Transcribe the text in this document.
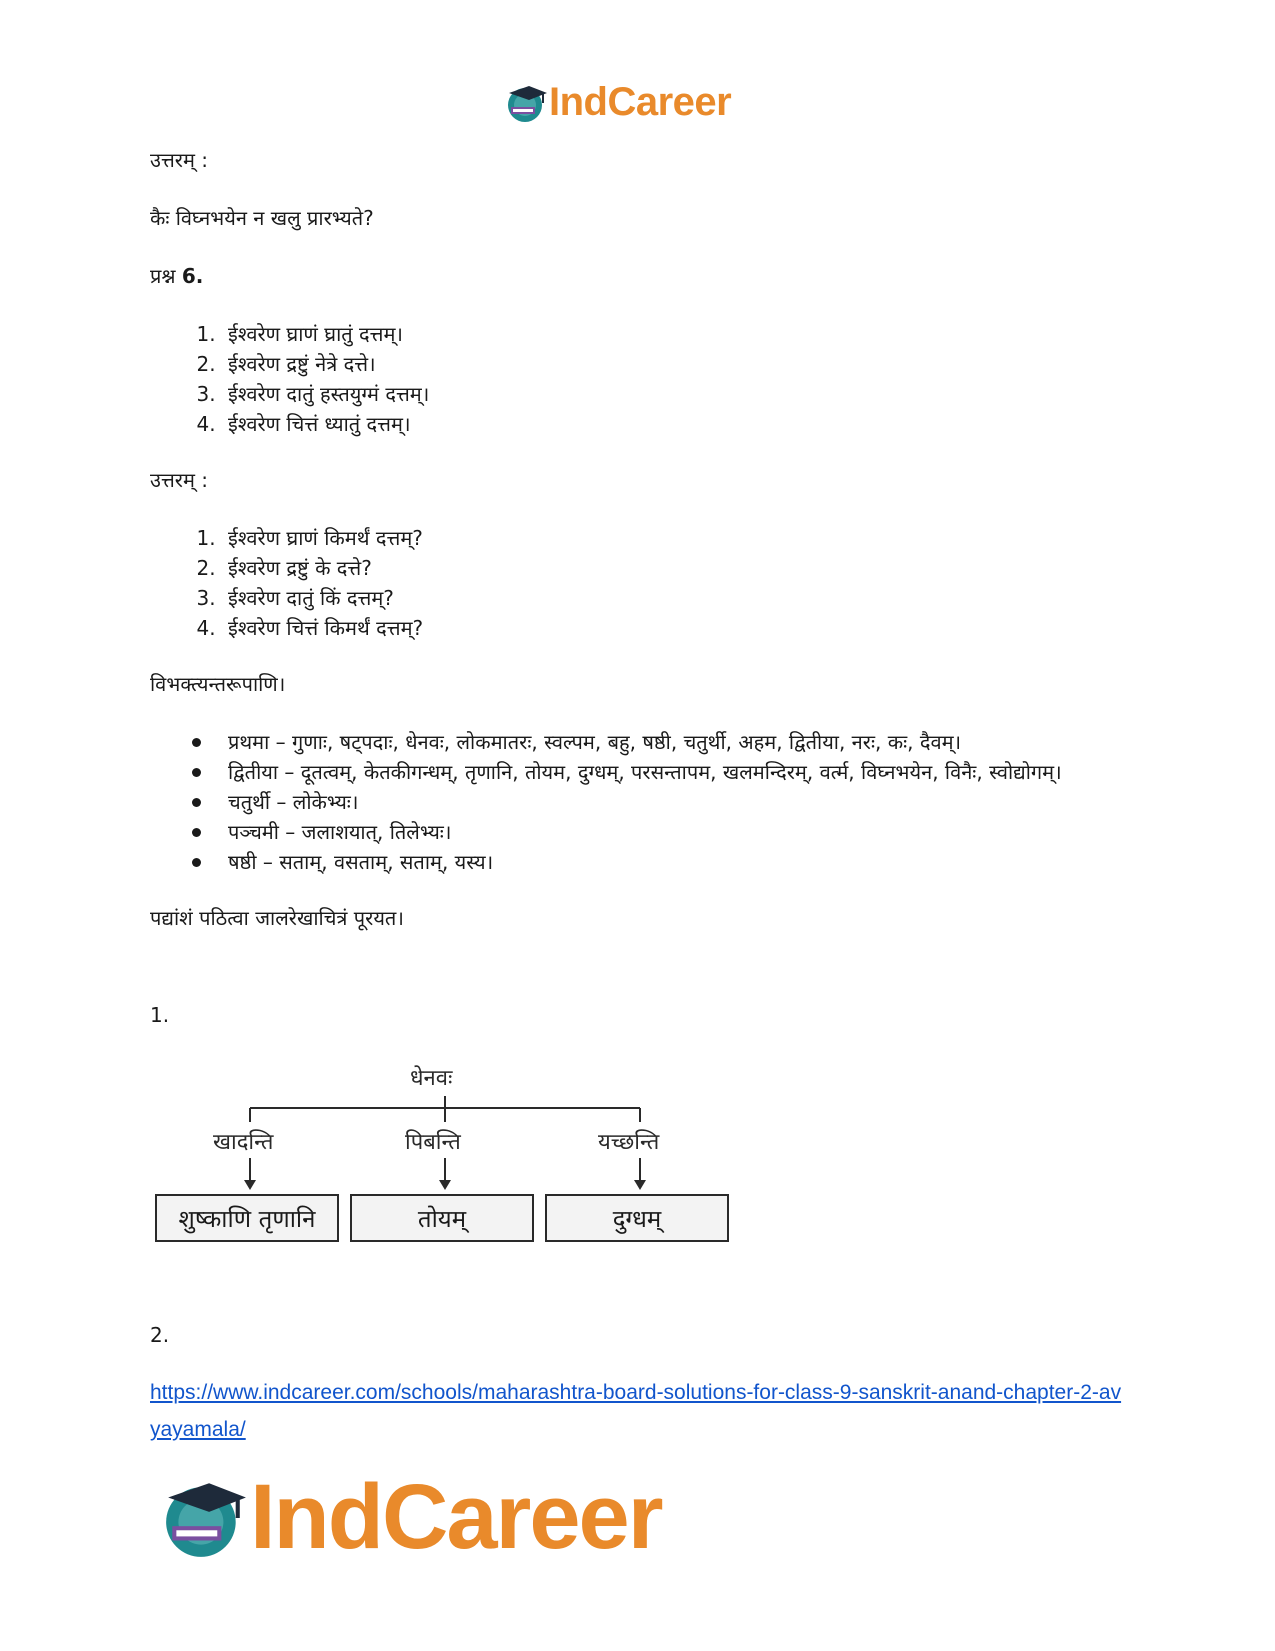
IndCareer

उत्तरम् :

कैः विघ्नभयेन न खलु प्रारभ्यते?

प्रश्न 6.

1. ईश्वरेण घ्राणं घ्रातुं दत्तम्।
2. ईश्वरेण द्रष्टुं नेत्रे दत्ते।
3. ईश्वरेण दातुं हस्तयुग्मं दत्तम्।
4. ईश्वरेण चित्तं ध्यातुं दत्तम्।

उत्तरम् :

1. ईश्वरेण घ्राणं किमर्थं दत्तम्?
2. ईश्वरेण द्रष्टुं के दत्ते?
3. ईश्वरेण दातुं किं दत्तम्?
4. ईश्वरेण चित्तं किमर्थं दत्तम्?

विभक्त्यन्तरूपाणि।

प्रथमा – गुणाः, षट्पदाः, धेनवः, लोकमातरः, स्वल्पम, बहु, षष्ठी, चतुर्थी, अहम, द्वितीया, नरः, कः, दैवम्।
द्वितीया – दूतत्वम्, केतकीगन्धम्, तृणानि, तोयम, दुग्धम्, परसन्तापम, खलमन्दिरम्, वर्त्म, विघ्नभयेन, विनैः, स्वोद्योगम्।
चतुर्थी – लोकेभ्यः।
पञ्चमी – जलाशयात्, तिलेभ्यः।
षष्ठी – सताम्, वसताम्, सताम्, यस्य।

पद्यांशं पठित्वा जालरेखाचित्रं पूरयत।

1.
धेनवः
खादन्ति	पिबन्ति	यच्छन्ति
शुष्काणि तृणानि	तोयम्	दुग्धम्
2.
https://www.indcareer.com/schools/maharashtra-board-solutions-for-class-9-sanskrit-anand-chapter-2-avyayamala/
IndCareer
